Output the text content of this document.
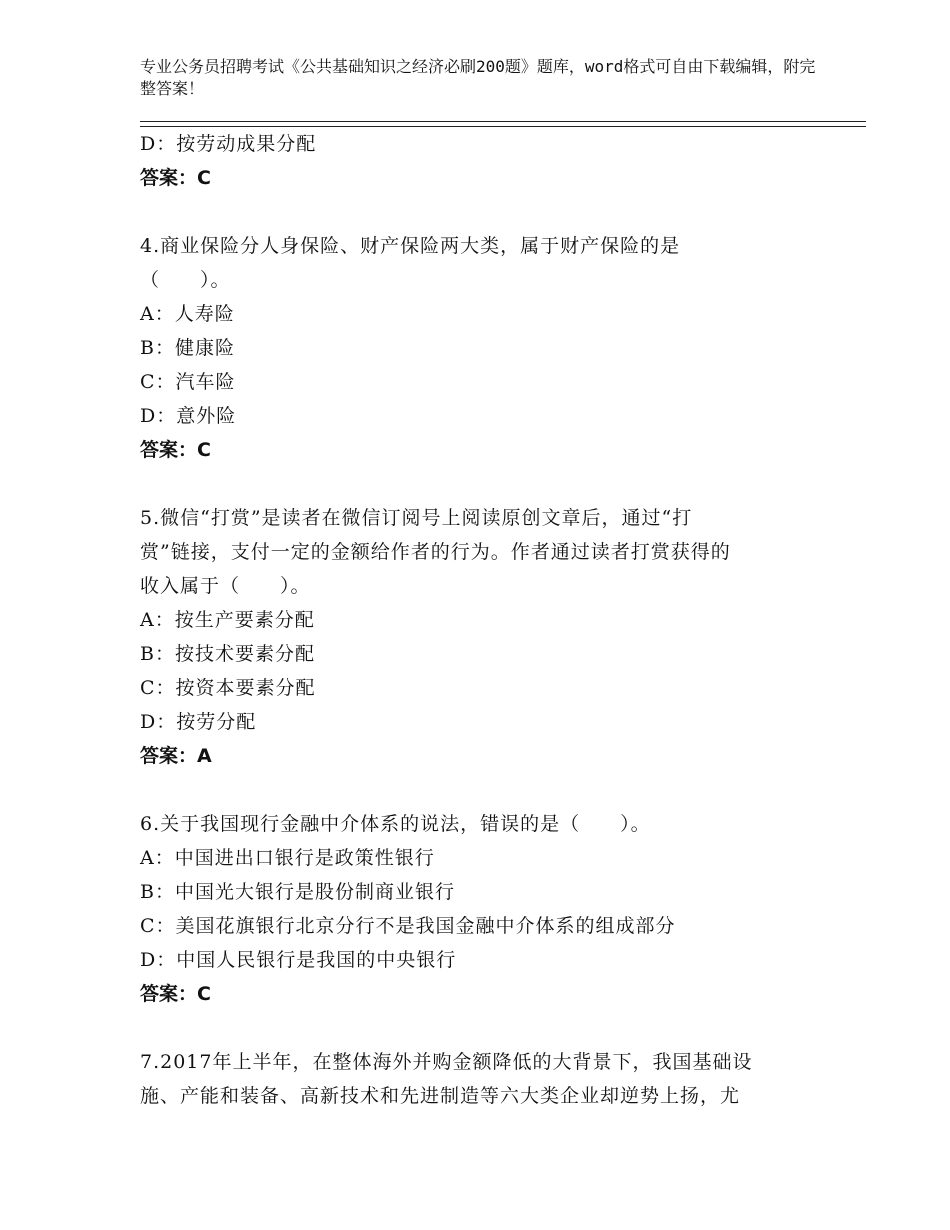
专业公务员招聘考试《公共基础知识之经济必刷200题》题库，word格式可自由下载编辑，附完整答案！

D：按劳动成果分配

答案：C

4.商业保险分人身保险、财产保险两大类，属于财产保险的是

（　　）。

A：人寿险

B：健康险

C：汽车险

D：意外险

答案：C

5.微信“打赏”是读者在微信订阅号上阅读原创文章后，通过“打

赏”链接，支付一定的金额给作者的行为。作者通过读者打赏获得的

收入属于（　　）。

A：按生产要素分配

B：按技术要素分配

C：按资本要素分配

D：按劳分配

答案：A

6.关于我国现行金融中介体系的说法，错误的是（　　）。

A：中国进出口银行是政策性银行

B：中国光大银行是股份制商业银行

C：美国花旗银行北京分行不是我国金融中介体系的组成部分

D：中国人民银行是我国的中央银行

答案：C

7.2017年上半年，在整体海外并购金额降低的大背景下，我国基础设

施、产能和装备、高新技术和先进制造等六大类企业却逆势上扬，尤
